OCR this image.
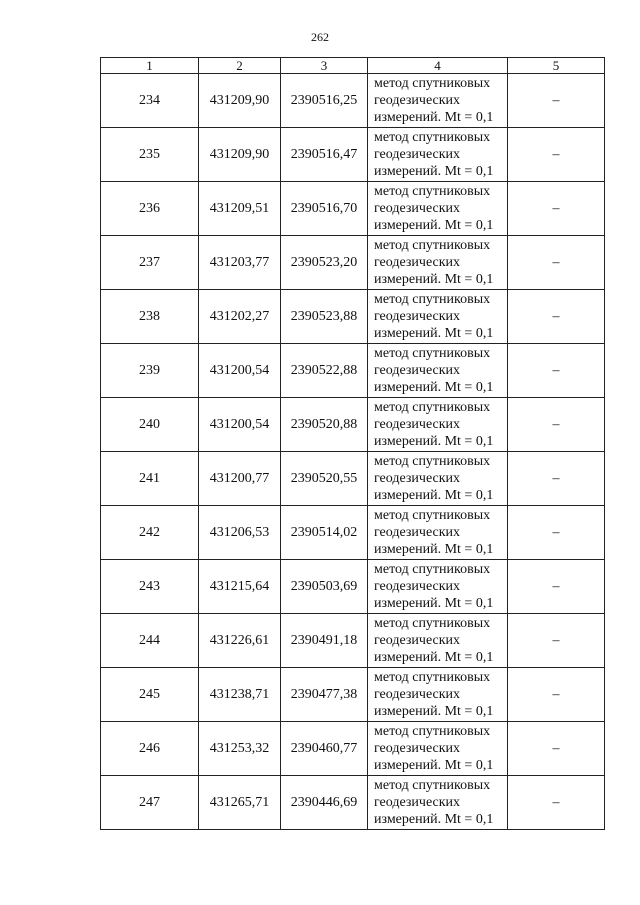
262
1	2	3	4	5
234	431209,90	2390516,25	метод спутниковых
геодезических
измерений. Mt = 0,1	–
235	431209,90	2390516,47	метод спутниковых
геодезических
измерений. Mt = 0,1	–
236	431209,51	2390516,70	метод спутниковых
геодезических
измерений. Mt = 0,1	–
237	431203,77	2390523,20	метод спутниковых
геодезических
измерений. Mt = 0,1	–
238	431202,27	2390523,88	метод спутниковых
геодезических
измерений. Mt = 0,1	–
239	431200,54	2390522,88	метод спутниковых
геодезических
измерений. Mt = 0,1	–
240	431200,54	2390520,88	метод спутниковых
геодезических
измерений. Mt = 0,1	–
241	431200,77	2390520,55	метод спутниковых
геодезических
измерений. Mt = 0,1	–
242	431206,53	2390514,02	метод спутниковых
геодезических
измерений. Mt = 0,1	–
243	431215,64	2390503,69	метод спутниковых
геодезических
измерений. Mt = 0,1	–
244	431226,61	2390491,18	метод спутниковых
геодезических
измерений. Mt = 0,1	–
245	431238,71	2390477,38	метод спутниковых
геодезических
измерений. Mt = 0,1	–
246	431253,32	2390460,77	метод спутниковых
геодезических
измерений. Mt = 0,1	–
247	431265,71	2390446,69	метод спутниковых
геодезических
измерений. Mt = 0,1	–
